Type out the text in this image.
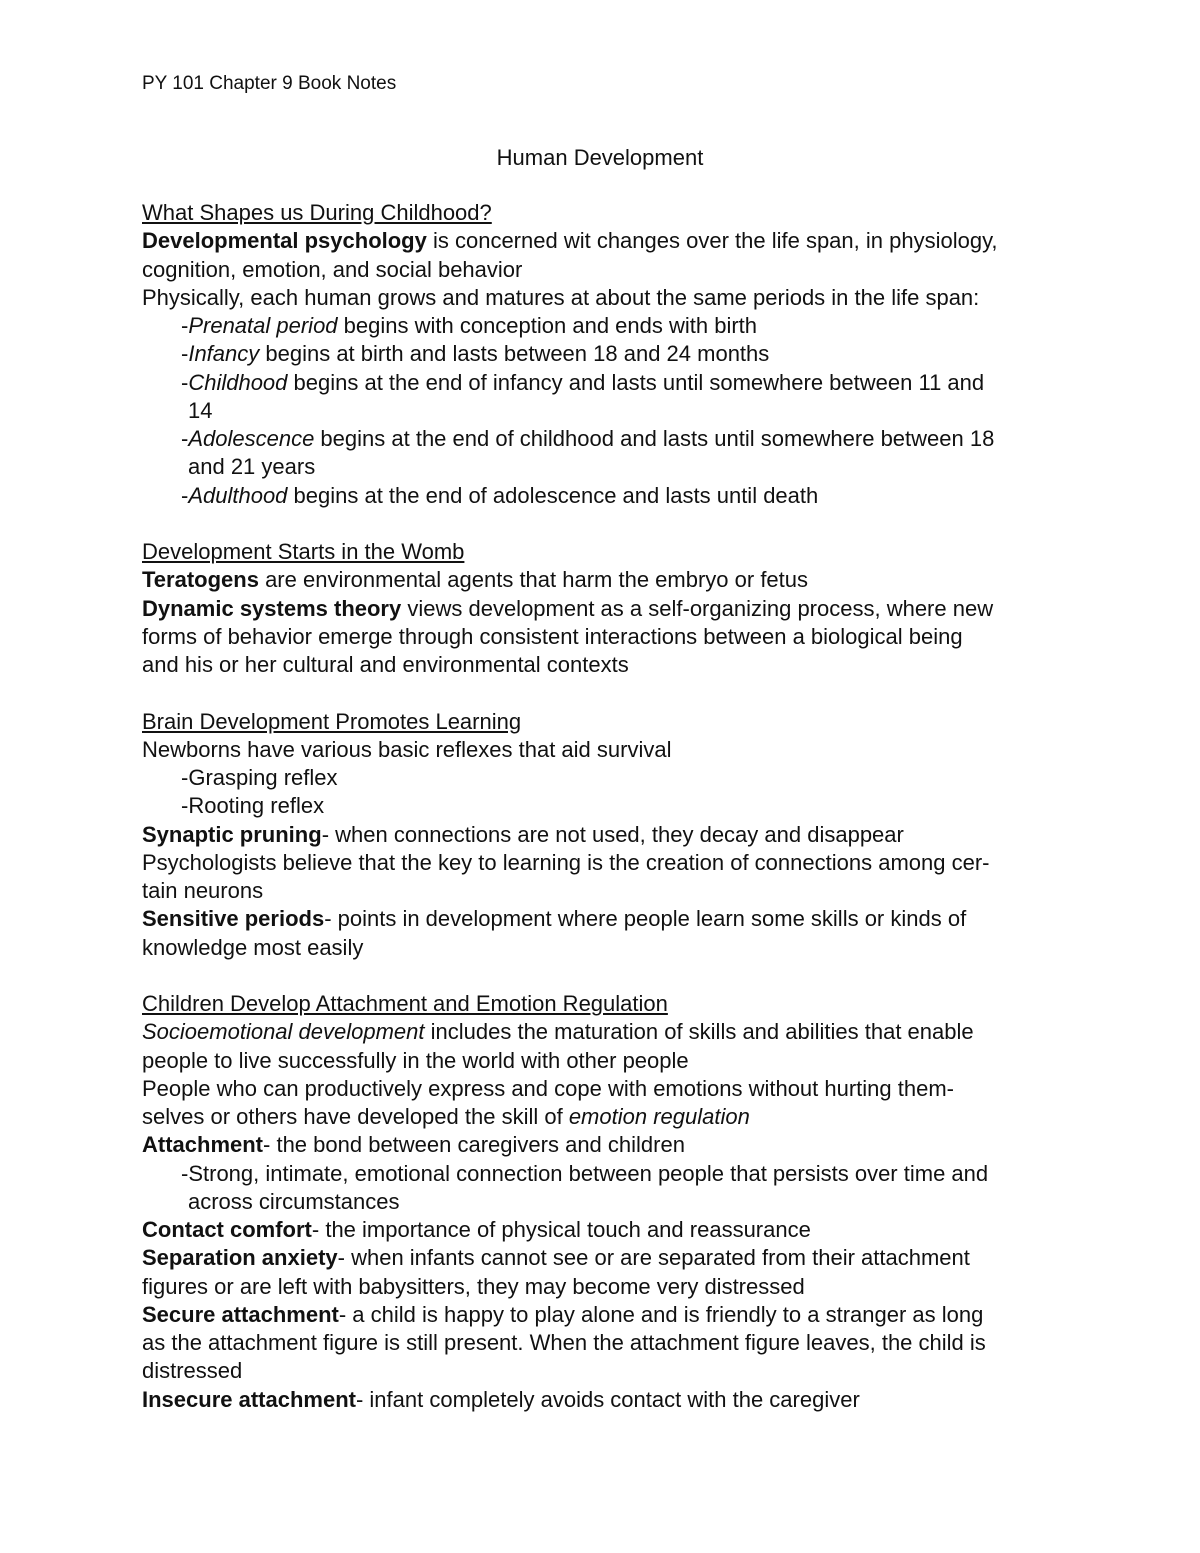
PY 101 Chapter 9 Book Notes
Human Development
What Shapes us During Childhood?
Developmental psychology is concerned wit changes over the life span, in physiology,
cognition, emotion, and social behavior
Physically, each human grows and matures at about the same periods in the life span:
-Prenatal period begins with conception and ends with birth
-Infancy begins at birth and lasts between 18 and 24 months
-Childhood begins at the end of infancy and lasts until somewhere between 11 and
14
-Adolescence begins at the end of childhood and lasts until somewhere between 18
and 21 years
-Adulthood begins at the end of adolescence and lasts until death
Development Starts in the Womb
Teratogens are environmental agents that harm the embryo or fetus
Dynamic systems theory views development as a self-organizing process, where new
forms of behavior emerge through consistent interactions between a biological being
and his or her cultural and environmental contexts
Brain Development Promotes Learning
Newborns have various basic reflexes that aid survival
-Grasping reflex
-Rooting reflex
Synaptic pruning- when connections are not used, they decay and disappear
Psychologists believe that the key to learning is the creation of connections among cer-
tain neurons
Sensitive periods- points in development where people learn some skills or kinds of
knowledge most easily
Children Develop Attachment and Emotion Regulation
Socioemotional development includes the maturation of skills and abilities that enable
people to live successfully in the world with other people
People who can productively express and cope with emotions without hurting them-
selves or others have developed the skill of emotion regulation
Attachment- the bond between caregivers and children
-Strong, intimate, emotional connection between people that persists over time and
across circumstances
Contact comfort- the importance of physical touch and reassurance
Separation anxiety- when infants cannot see or are separated from their attachment
figures or are left with babysitters, they may become very distressed
Secure attachment- a child is happy to play alone and is friendly to a stranger as long
as the attachment figure is still present. When the attachment figure leaves, the child is
distressed
Insecure attachment- infant completely avoids contact with the caregiver
